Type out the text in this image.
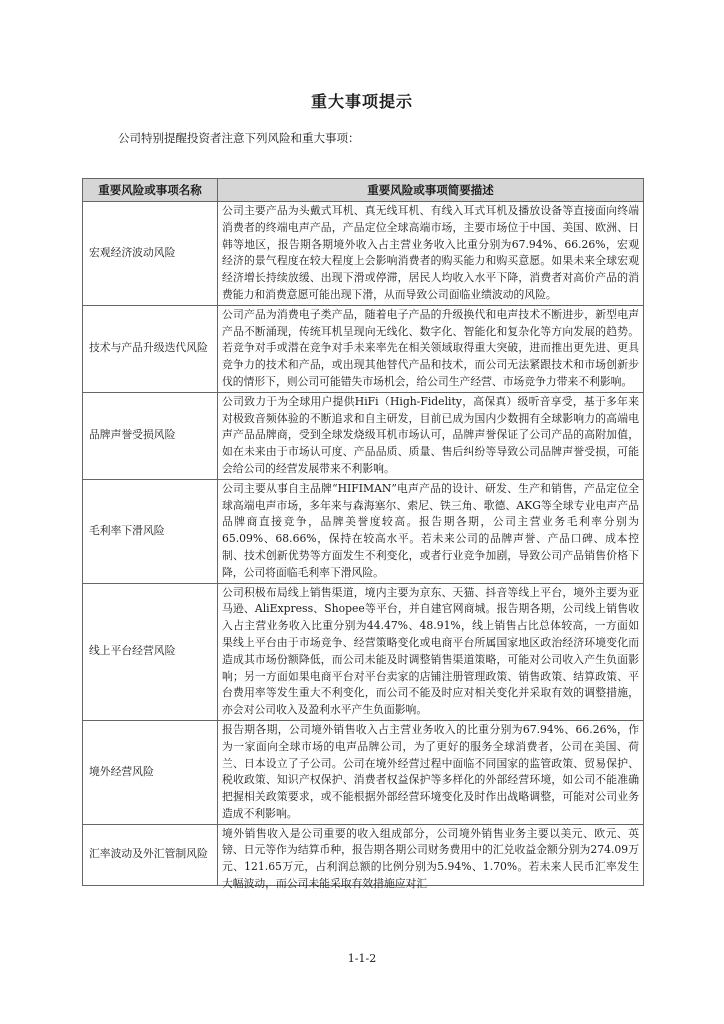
重大事项提示
公司特别提醒投资者注意下列风险和重大事项：
重要风险或事项名称	重要风险或事项简要描述
宏观经济波动风险	公司主要产品为头戴式耳机、真无线耳机、有线入耳式耳机及播放设备等直接面向终端消费者的终端电声产品，产品定位全球高端市场，主要市场位于中国、美国、欧洲、日韩等地区，报告期各期境外收入占主营业务收入比重分别为67.94%、66.26%，宏观经济的景气程度在较大程度上会影响消费者的购买能力和购买意愿。如果未来全球宏观经济增长持续放缓、出现下滑或停滞，居民人均收入水平下降，消费者对高价产品的消费能力和消费意愿可能出现下滑，从而导致公司面临业绩波动的风险。
技术与产品升级迭代风险	公司产品为消费电子类产品，随着电子产品的升级换代和电声技术不断进步，新型电声产品不断涌现，传统耳机呈现向无线化、数字化、智能化和复杂化等方向发展的趋势。若竞争对手或潜在竞争对手未来率先在相关领域取得重大突破，进而推出更先进、更具竞争力的技术和产品，或出现其他替代产品和技术，而公司无法紧跟技术和市场创新步伐的情形下，则公司可能错失市场机会，给公司生产经营、市场竞争力带来不利影响。
品牌声誉受损风险	公司致力于为全球用户提供HiFi（High-Fidelity，高保真）级听音享受，基于多年来对极致音频体验的不断追求和自主研发，目前已成为国内少数拥有全球影响力的高端电声产品品牌商，受到全球发烧级耳机市场认可，品牌声誉保证了公司产品的高附加值，如在未来由于市场认可度、产品品质、质量、售后纠纷等导致公司品牌声誉受损，可能会给公司的经营发展带来不利影响。
毛利率下滑风险	公司主要从事自主品牌“HIFIMAN”电声产品的设计、研发、生产和销售，产品定位全球高端电声市场，多年来与森海塞尔、索尼、铁三角、歌德、AKG等全球专业电声产品品牌商直接竞争，品牌美誉度较高。报告期各期，公司主营业务毛利率分别为65.09%、68.66%，保持在较高水平。若未来公司的品牌声誉、产品口碑、成本控制、技术创新优势等方面发生不利变化，或者行业竞争加剧，导致公司产品销售价格下降，公司将面临毛利率下滑风险。
线上平台经营风险	公司积极布局线上销售渠道，境内主要为京东、天猫、抖音等线上平台，境外主要为亚马逊、AliExpress、Shopee等平台，并自建官网商城。报告期各期，公司线上销售收入占主营业务收入比重分别为44.47%、48.91%，线上销售占比总体较高，一方面如果线上平台由于市场竞争、经营策略变化或电商平台所属国家地区政治经济环境变化而造成其市场份额降低，而公司未能及时调整销售渠道策略，可能对公司收入产生负面影响；另一方面如果电商平台对平台卖家的店铺注册管理政策、销售政策、结算政策、平台费用率等发生重大不利变化，而公司不能及时应对相关变化并采取有效的调整措施，亦会对公司收入及盈利水平产生负面影响。
境外经营风险	报告期各期，公司境外销售收入占主营业务收入的比重分别为67.94%、66.26%，作为一家面向全球市场的电声品牌公司，为了更好的服务全球消费者，公司在美国、荷兰、日本设立了子公司。公司在境外经营过程中面临不同国家的监管政策、贸易保护、税收政策、知识产权保护、消费者权益保护等多样化的外部经营环境，如公司不能准确把握相关政策要求，或不能根据外部经营环境变化及时作出战略调整，可能对公司业务造成不利影响。
汇率波动及外汇管制风险	境外销售收入是公司重要的收入组成部分，公司境外销售业务主要以美元、欧元、英镑、日元等作为结算币种，报告期各期公司财务费用中的汇兑收益金额分别为274.09万元、121.65万元，占利润总额的比例分别为5.94%、1.70%。若未来人民币汇率发生大幅波动，而公司未能采取有效措施应对汇
1-1-2
